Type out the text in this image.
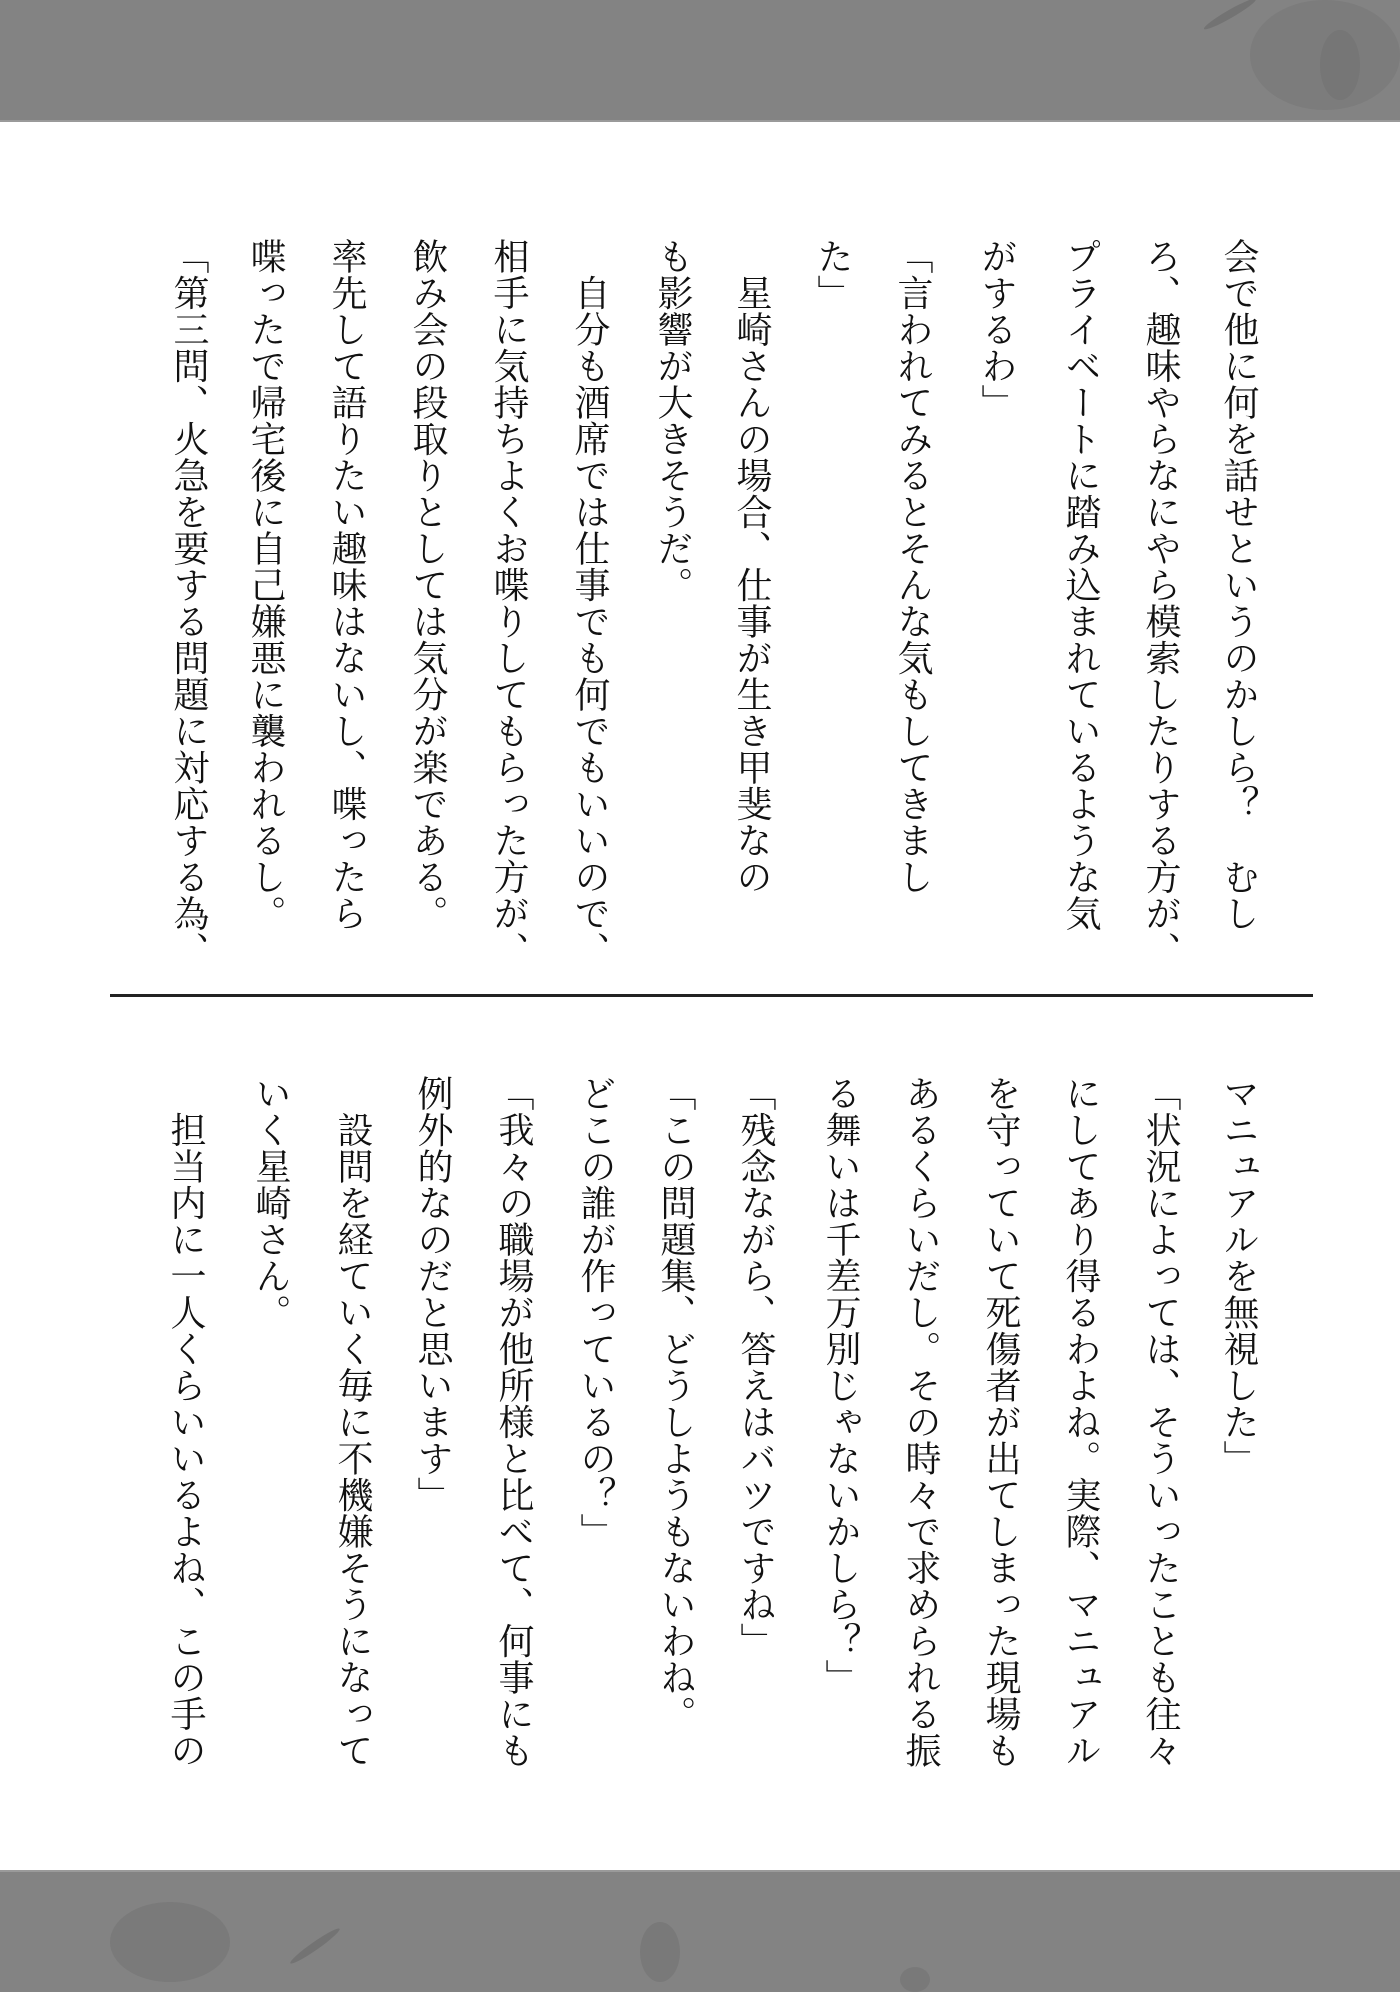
会で他に何を話せというのかしら？　むし
ろ、趣味やらなにやら模索したりする方が、
プライベートに踏み込まれているような気
がするわ」
「言われてみるとそんな気もしてきまし
た」
　星崎さんの場合、仕事が生き甲斐なの
も影響が大きそうだ。
　自分も酒席では仕事でも何でもいいので、
相手に気持ちよくお喋りしてもらった方が、
飲み会の段取りとしては気分が楽である。
率先して語りたい趣味はないし、喋ったら
喋ったで帰宅後に自己嫌悪に襲われるし。
「第三問、火急を要する問題に対応する為、
マニュアルを無視した」
「状況によっては、そういったことも往々
にしてあり得るわよね。実際、マニュアル
を守っていて死傷者が出てしまった現場も
あるくらいだし。その時々で求められる振
る舞いは千差万別じゃないかしら？」
「残念ながら、答えはバツですね」
「この問題集、どうしようもないわね。
どこの誰が作っているの？」
「我々の職場が他所様と比べて、何事にも
例外的なのだと思います」
　設問を経ていく毎に不機嫌そうになって
いく星崎さん。
　担当内に一人くらいいるよね、この手の
